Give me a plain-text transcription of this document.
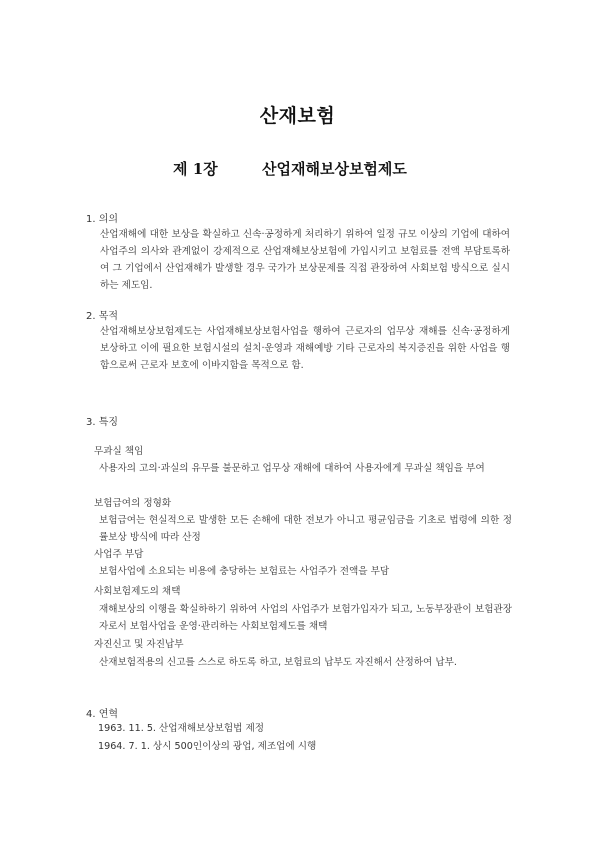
산재보험
제 1장	산업재해보상보험제도
1. 의의

산업재해에 대한 보상을 확실하고 신속·공정하게 처리하기 위하여 일정 규모 이상의 기업에 대하여 사업주의 의사와 관계없이 강제적으로 산업재해보상보험에 가입시키고 보험료를 전액 부담토록하여 그 기업에서 산업재해가 발생할 경우 국가가 보상문제를 직접 관장하여 사회보험 방식으로 실시하는 제도임.

2. 목적

산업재해보상보험제도는 사업재해보상보험사업을 행하여 근로자의 업무상 재해를 신속·공정하게 보상하고 이에 필요한 보험시설의 설치·운영과 재해예방 기타 근로자의 복지증진을 위한 사업을 행함으로써 근로자 보호에 이바지함을 목적으로 함.

3. 특징
무과실 책임

사용자의 고의·과실의 유무를 불문하고 업무상 재해에 대하여 사용자에게 무과실 책임을 부여

보험급여의 정형화

보험급여는 현실적으로 발생한 모든 손해에 대한 전보가 아니고 평균임금을 기초로 법령에 의한 정률보상 방식에 따라 산정

사업주 부담

보험사업에 소요되는 비용에 충당하는 보험료는 사업주가 전액을 부담

사회보험제도의 채택

재해보상의 이행을 확실하하기 위하여 사업의 사업주가 보험가입자가 되고, 노동부장관이 보험관장자로서 보험사업을 운영·관리하는 사회보험제도를 채택

자진신고 및 자진납부

산재보험적용의 신고를 스스로 하도록 하고, 보험료의 납부도 자진해서 산정하여 납부.

4. 연혁
1963. 11. 5. 산업재해보상보험법 제정
1964. 7. 1. 상시 500인이상의 광업, 제조업에 시행
